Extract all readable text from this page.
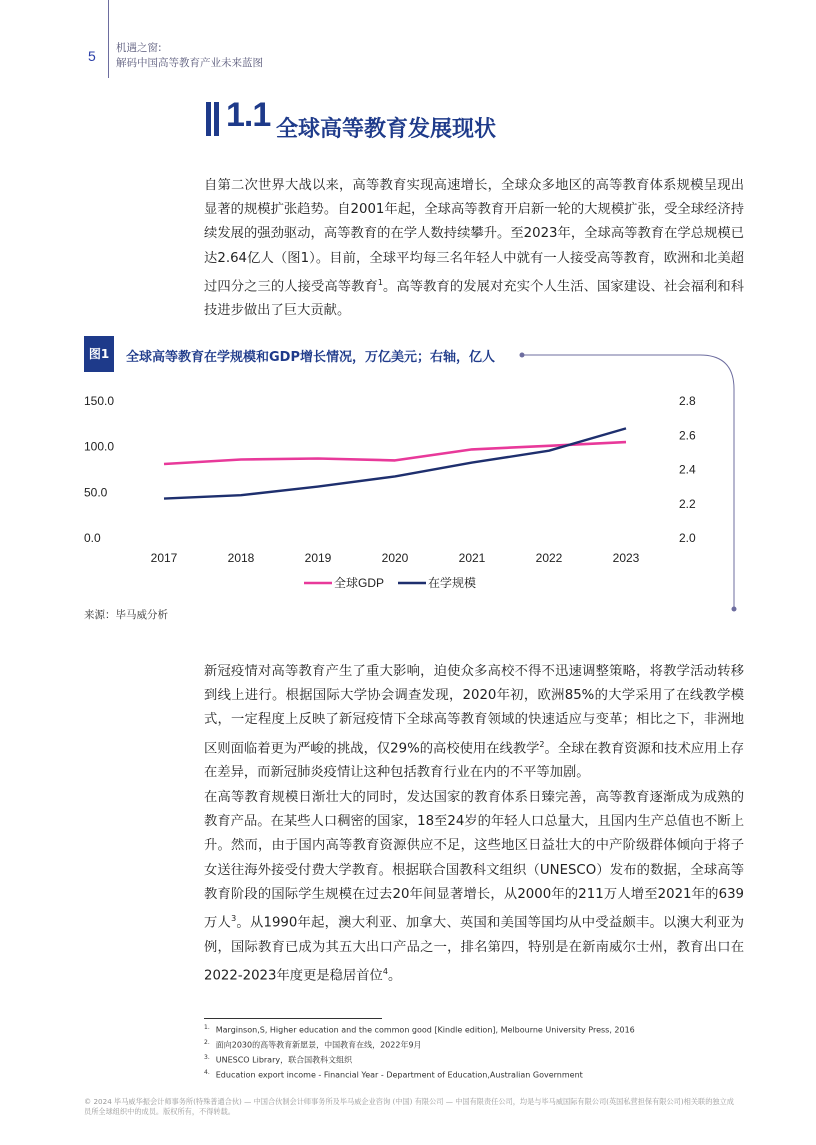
5 机遇之窗:
解码中国高等教育产业未来蓝图
1.1 全球高等教育发展现状
自第二次世界大战以来，高等教育实现高速增长，全球众多地区的高等教育体系规模呈现出显著的规模扩张趋势。自2001年起，全球高等教育开启新一轮的大规模扩张，受全球经济持续发展的强劲驱动，高等教育的在学人数持续攀升。至2023年，全球高等教育在学总规模已达2.64亿人（图1）。目前，全球平均每三名年轻人中就有一人接受高等教育，欧洲和北美超过四分之三的人接受高等教育$^1$。高等教育的发展对充实个人生活、国家建设、社会福利和科技进步做出了巨大贡献。
图1	全球高等教育在学规模和GDP增长情况，万亿美元；右轴，亿人
0.0
50.0
100.0
150.0
2.0
2.2
2.4
2.6
2.8
2017	2018	2019	2020	2021	2022	2023
全球GDP	在学规模
来源：毕马威分析
新冠疫情对高等教育产生了重大影响，迫使众多高校不得不迅速调整策略，将教学活动转移到线上进行。根据国际大学协会调查发现，2020年初，欧洲85%的大学采用了在线教学模式，一定程度上反映了新冠疫情下全球高等教育领域的快速适应与变革；相比之下，非洲地区则面临着更为严峻的挑战，仅29%的高校使用在线教学$^2$。全球在教育资源和技术应用上存在差异，而新冠肺炎疫情让这种包括教育行业在内的不平等加剧。
在高等教育规模日渐壮大的同时，发达国家的教育体系日臻完善，高等教育逐渐成为成熟的教育产品。在某些人口稠密的国家，18至24岁的年轻人口总量大，且国内生产总值也不断上升。然而，由于国内高等教育资源供应不足，这些地区日益壮大的中产阶级群体倾向于将子女送往海外接受付费大学教育。根据联合国教科文组织（UNESCO）发布的数据，全球高等教育阶段的国际学生规模在过去20年间显著增长，从2000年的211万人增至2021年的639万人$^3$。从1990年起，澳大利亚、加拿大、英国和美国等国均从中受益颇丰。以澳大利亚为例，国际教育已成为其五大出口产品之一，排名第四，特别是在新南威尔士州，教育出口在2022-2023年度更是稳居首位$^4$。
$^{1.}$ Marginson,S, Higher education and the common good [Kindle edition], Melbourne University Press, 2016
$^{2.}$ 面向2030的高等教育新愿景，中国教育在线，2022年9月
$^{3.}$ UNESCO Library，联合国教科文组织
$^{4.}$ Education export income - Financial Year - Department of Education,Australian Government
© 2024 毕马威华振会计师事务所(特殊普通合伙) — 中国合伙制会计师事务所及毕马威企业咨询 (中国) 有限公司 — 中国有限责任公司，均是与毕马威国际有限公司(英国私营担保有限公司)相关联的独立成员所全球组织中的成员。版权所有，不得转载。
